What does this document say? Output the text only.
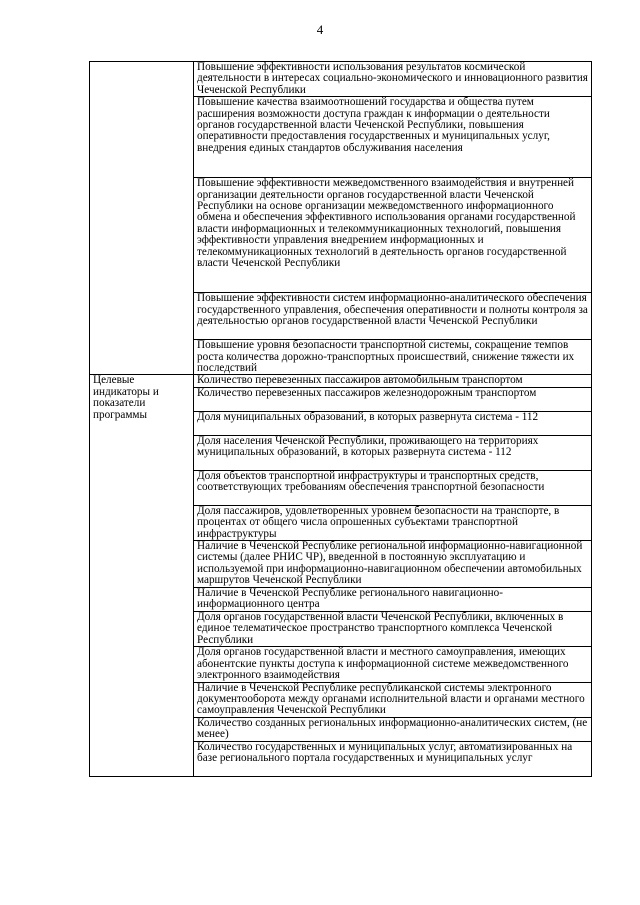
4
	Повышение эффективности использования результатов космической деятельности в интересах социально-экономического и инновационного развития Чеченской Республики
	Повышение качества взаимоотношений государства и общества путем расширения возможности доступа граждан к информации о деятельности органов государственной власти Чеченской Республики, повышения оперативности предоставления государственных и муниципальных услуг, внедрения единых стандартов обслуживания населения
	Повышение эффективности межведомственного взаимодействия и внутренней организации деятельности органов государственной власти Чеченской Республики на основе организации межведомственного информационного обмена и обеспечения эффективного использования органами государственной власти информационных и телекоммуникационных технологий, повышения эффективности управления внедрением информационных и телекоммуникационных технологий в деятельность органов государственной власти Чеченской Республики
	Повышение эффективности систем информационно-аналитического обеспечения государственного управления, обеспечения оперативности и полноты контроля за деятельностью органов государственной власти Чеченской Республики
	Повышение уровня безопасности транспортной системы, сокращение темпов роста количества дорожно-транспортных происшествий, снижение тяжести их последствий
Целевые индикаторы и показатели программы	Количество перевезенных пассажиров автомобильным транспортом
	Количество перевезенных пассажиров железнодорожным транспортом
	Доля муниципальных образований, в которых развернута система - 112
	Доля населения Чеченской Республики, проживающего на территориях муниципальных образований, в которых развернута система - 112
	Доля объектов транспортной инфраструктуры и транспортных средств, соответствующих требованиям обеспечения транспортной безопасности
	Доля пассажиров, удовлетворенных уровнем безопасности на транспорте, в процентах от общего числа опрошенных субъектами транспортной инфраструктуры
	Наличие в Чеченской Республике региональной информационно-навигационной системы (далее РНИС ЧР), введенной в постоянную эксплуатацию и используемой при информационно-навигационном обеспечении автомобильных маршрутов Чеченской Республики
	Наличие в Чеченской Республике регионального навигационно-информационного центра
	Доля органов государственной власти Чеченской Республики, включенных в единое телематическое пространство транспортного комплекса Чеченской Республики
	Доля органов государственной власти и местного самоуправления, имеющих абонентские пункты доступа к информационной системе межведомственного электронного взаимодействия
	Наличие в Чеченской Республике республиканской системы электронного документооборота между органами исполнительной власти и органами местного самоуправления Чеченской Республики
	Количество созданных региональных информационно-аналитических систем, (не менее)
	Количество государственных и муниципальных услуг, автоматизированных на базе регионального портала государственных и муниципальных услуг
